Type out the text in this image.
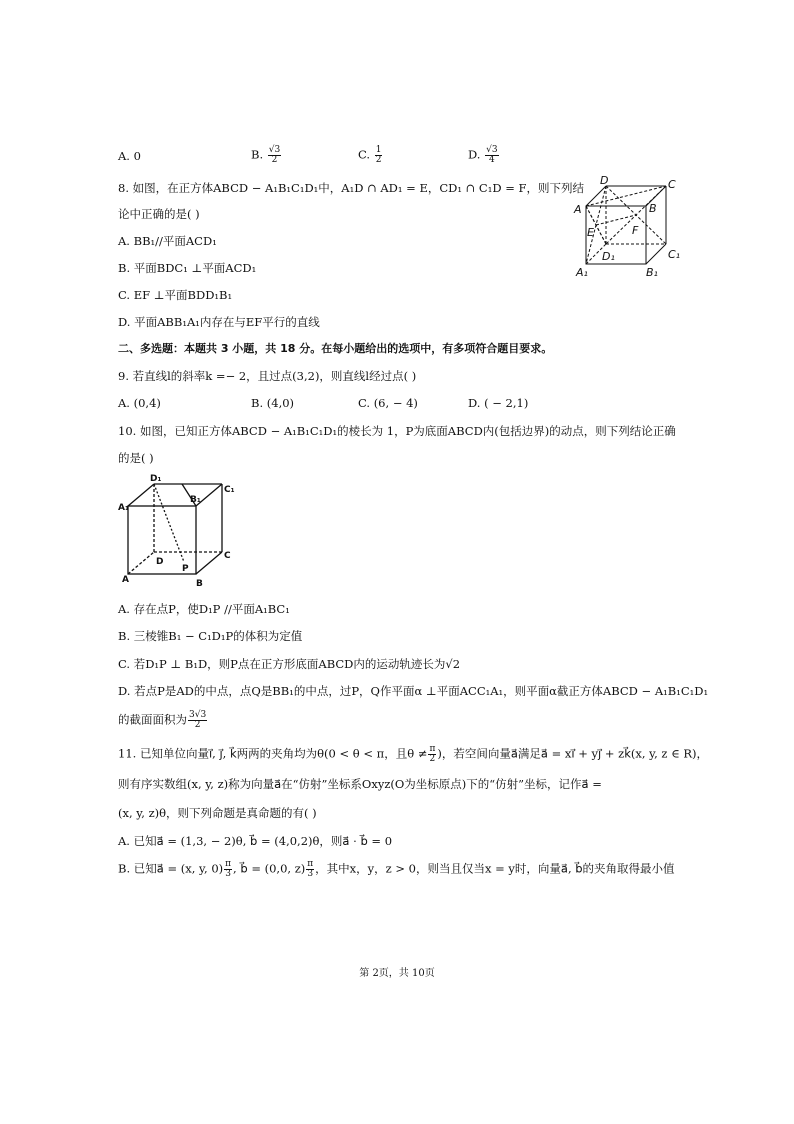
A. 0	B. $\frac{√3}{2}$	C. $\frac{1}{2}$	D. $\frac{√3}{4}$
8. 如图，在正方体ABCD − A₁B₁C₁D₁中，A₁D ∩ AD₁ = E，CD₁ ∩ C₁D = F，则下列结
论中正确的是( )
A. BB₁//平面ACD₁
B. 平面BDC₁ ⊥平面ACD₁
C. EF ⊥平面BDD₁B₁
D. 平面ABB₁A₁内存在与EF平行的直线
D	C
A	B
E	F
D₁	C₁
A₁	B₁
二、多选题：本题共 3 小题，共 18 分。在每小题给出的选项中，有多项符合题目要求。
9. 若直线l的斜率k =− 2，且过点(3,2)，则直线l经过点( )
A. (0,4)	B. (4,0)	C. (6, − 4)	D. ( − 2,1)
10. 如图，已知正方体ABCD − A₁B₁C₁D₁的棱长为 1，P为底面ABCD内(包括边界)的动点，则下列结论正确
的是( )
D₁
C₁
A₁
B₁
D
C
A	B
P
A. 存在点P，使D₁P //平面A₁BC₁
B. 三棱锥B₁ − C₁D₁P的体积为定值
C. 若D₁P ⊥ B₁D，则P点在正方形底面ABCD内的运动轨迹长为√2
D. 若点P是AD的中点，点Q是BB₁的中点，过P，Q作平面α ⊥平面ACC₁A₁，则平面α截正方体ABCD − A₁B₁C₁D₁
的截面面积为 $\frac{3√3}{2}$
11. 已知单位向量i⃗, j⃗, k⃗两两的夹角均为θ(0 < θ < π，且$\theta \ne \frac{\pi}{2}$ )，若空间向量a⃗满足a⃗ = xi⃗ + yj⃗ + zk⃗(x, y, z ∈ R)，
则有序实数组(x, y, z)称为向量a⃗在“仿射”坐标系Oxyz(O为坐标原点)下的“仿射”坐标，记作a⃗ =
(x, y, z)θ，则下列命题是真命题的有( )
A. 已知a⃗ = (1,3, − 2)θ, b⃗ = (4,0,2)θ，则a⃗ · b⃗ = 0
B. 已知a⃗ = (x, y, $0) \frac{\pi}{3}$ , b⃗ = (0,0, $z) \frac{\pi}{3}$ ，其中x，y，z > 0，则当且仅当x = y时，向量a⃗, b⃗的夹角取得最小值
第 2页，共 10页
